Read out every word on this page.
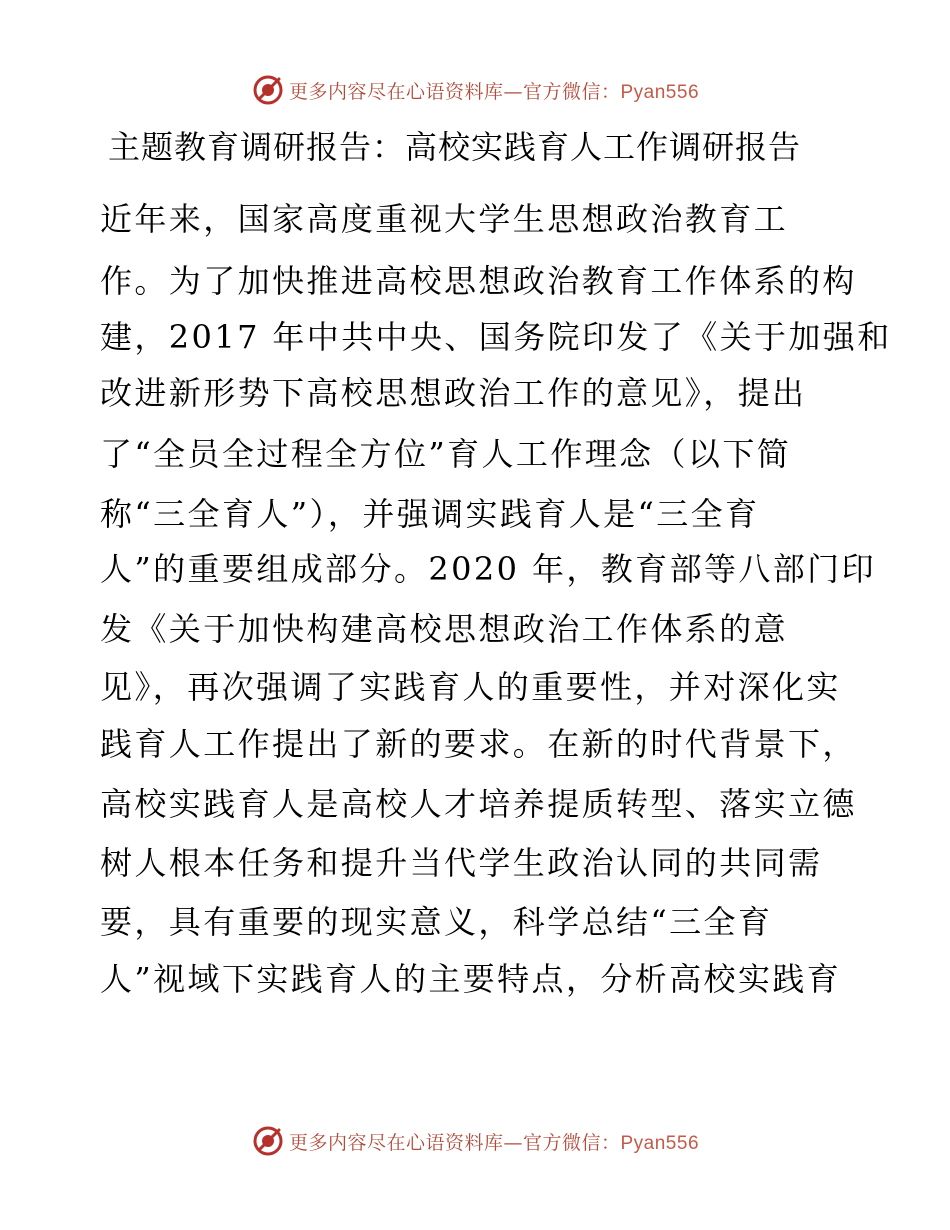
更多内容尽在心语资料库—官方微信：Pyan556
主题教育调研报告：高校实践育人工作调研报告
近年来，国家高度重视大学生思想政治教育工
作。为了加快推进高校思想政治教育工作体系的构
建，2017 年中共中央、国务院印发了《关于加强和
改进新形势下高校思想政治工作的意见》，提出
了“全员全过程全方位”育人工作理念（以下简
称“三全育人”），并强调实践育人是“三全育
人”的重要组成部分。2020 年，教育部等八部门印
发《关于加快构建高校思想政治工作体系的意
见》，再次强调了实践育人的重要性，并对深化实
践育人工作提出了新的要求。在新的时代背景下，
高校实践育人是高校人才培养提质转型、落实立德
树人根本任务和提升当代学生政治认同的共同需
要，具有重要的现实意义，科学总结“三全育
人”视域下实践育人的主要特点，分析高校实践育
更多内容尽在心语资料库—官方微信：Pyan556
